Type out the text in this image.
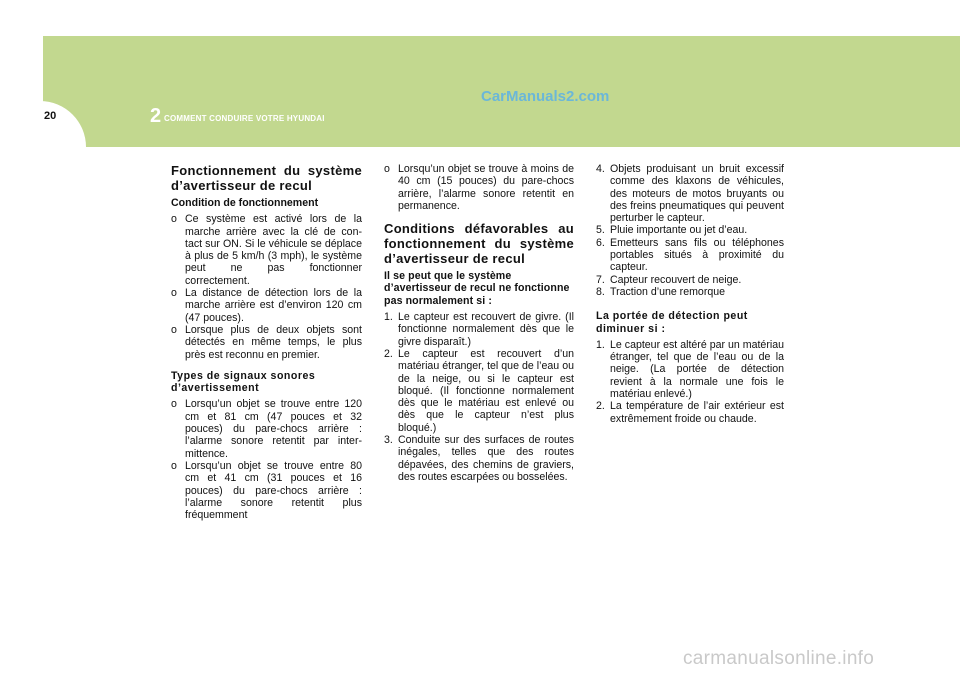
20	2 COMMENT CONDUIRE VOTRE HYUNDAI
CarManuals2.com
carmanualsonline.info
Fonctionnement du système d’avertisseur de recul
Condition de fonctionnement
o Ce système est activé lors de la marche arrière avec la clé de con-tact sur ON. Si le véhicule se déplace à plus de 5 km/h (3 mph), le système peut ne pas fonctionner correctement.
o La distance de détection lors de la marche arrière est d’environ 120 cm (47 pouces).
o Lorsque plus de deux objets sont détectés en même temps, le plus près est reconnu en premier.
Types de signaux sonores d’avertissement
o Lorsqu’un objet se trouve entre 120 cm et 81 cm (47 pouces et 32 pouces) du pare-chocs arrière : l’alarme sonore retentit par inter-mittence.
o Lorsqu’un objet se trouve entre 80 cm et 41 cm (31 pouces et 16 pouces) du pare-chocs arrière : l’alarme sonore retentit plus fréquemment
o Lorsqu’un objet se trouve à moins de 40 cm (15 pouces) du pare-chocs arrière, l’alarme sonore retentit en permanence.
Conditions défavorables au fonctionnement du système d’avertisseur de recul
Il se peut que le système d’avertisseur de recul ne fonctionne pas normalement si :
1. Le capteur est recouvert de givre. (Il fonctionne normalement dès que le givre disparaît.)
2. Le capteur est recouvert d’un matériau étranger, tel que de l’eau ou de la neige, ou si le capteur est bloqué. (Il fonctionne normalement dès que le matériau est enlevé ou dès que le capteur n’est plus bloqué.)
3. Conduite sur des surfaces de routes inégales, telles que des routes dépavées, des chemins de graviers, des routes escarpées ou bosselées.
4. Objets produisant un bruit excessif comme des klaxons de véhicules, des moteurs de motos bruyants ou des freins pneumatiques qui peuvent perturber le capteur.
5. Pluie importante ou jet d’eau.
6. Emetteurs sans fils ou téléphones portables situés à proximité du capteur.
7. Capteur recouvert de neige.
8. Traction d’une remorque
La portée de détection peut diminuer si :
1. Le capteur est altéré par un matériau étranger, tel que de l’eau ou de la neige. (La portée de détection revient à la normale une fois le matériau enlevé.)
2. La température de l’air extérieur est extrêmement froide ou chaude.
